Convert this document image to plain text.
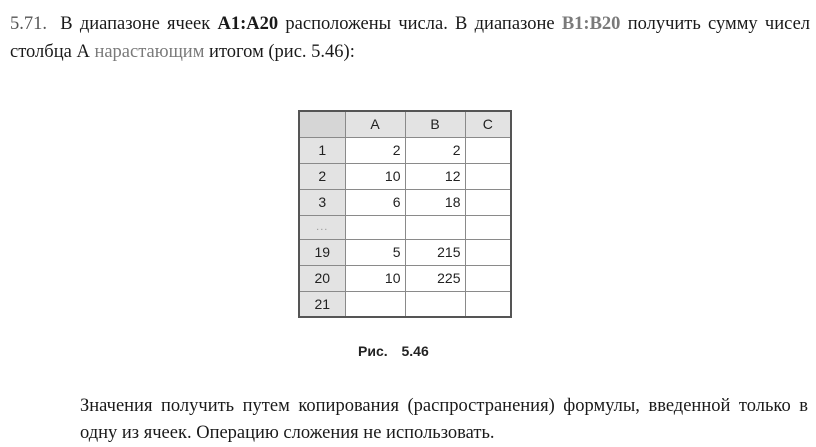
5.71. В диапазоне ячеек A1:A20 расположены числа. В диапазоне B1:B20 получить сумму чисел столбца А нарастающим итогом (рис. 5.46):
	A	B	C
1	2	2	
2	10	12	
3	6	18	
...			
19	5	215	
20	10	225	
21			
Рис. 5.46
Значения получить путем копирования (распространения) формулы, введенной только в одну из ячеек. Операцию сложения не использовать.
